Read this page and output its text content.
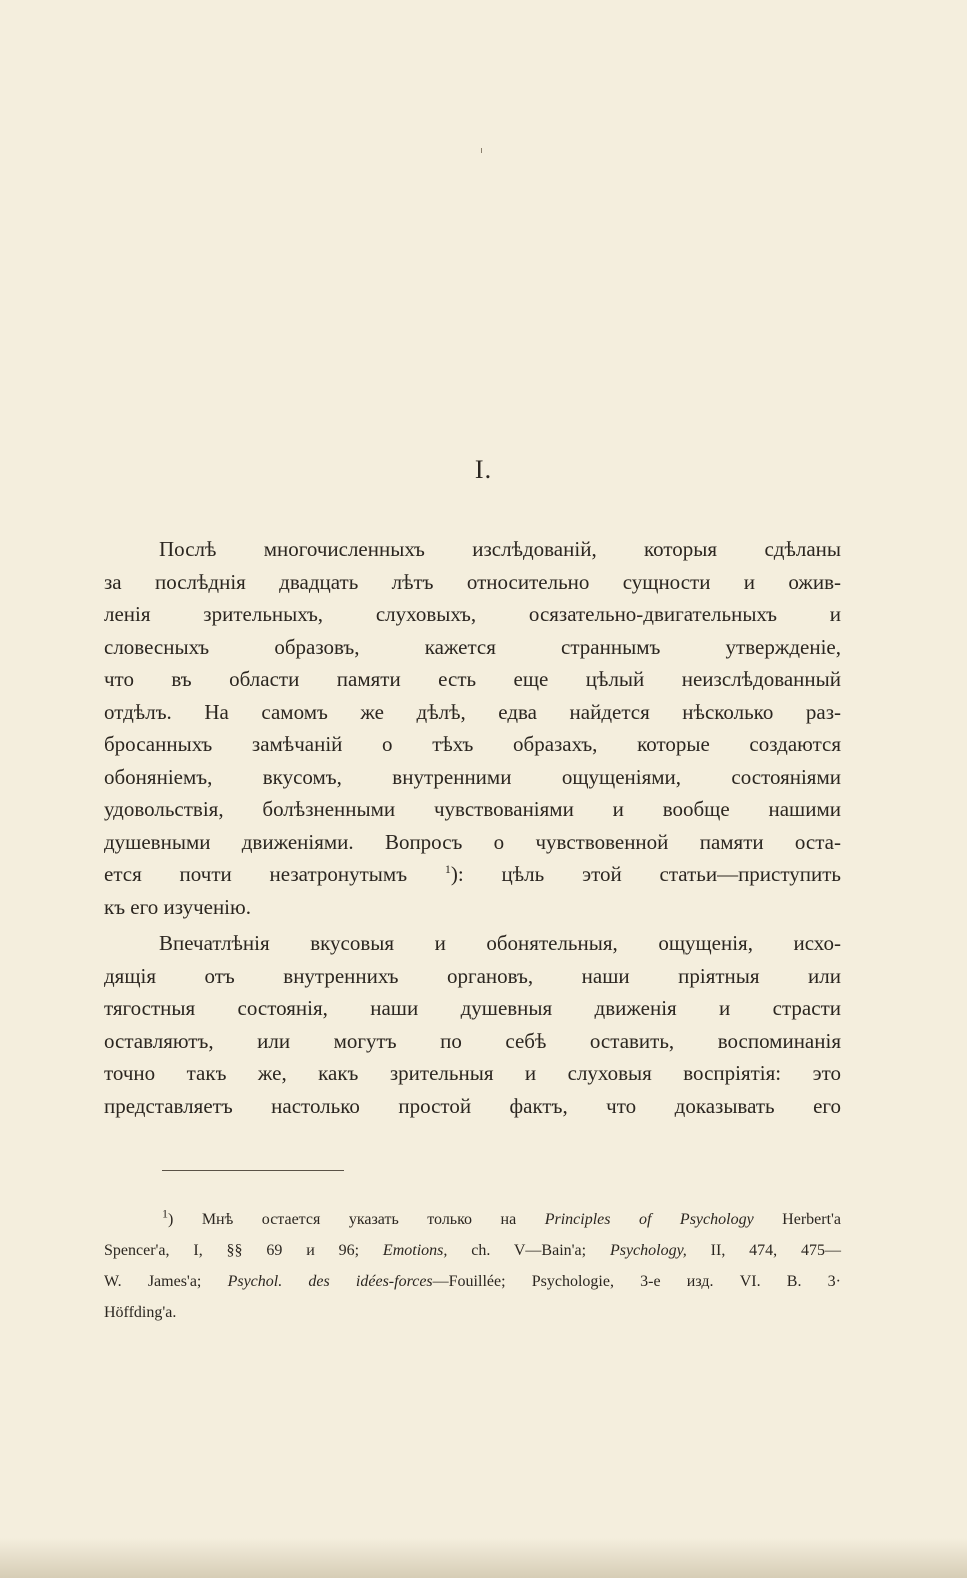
I.
Послѣ многочисленныхъ изслѣдованій, которыя сдѣланы
за послѣднія двадцать лѣтъ относительно сущности и ожив-
ленія зрительныхъ, слуховыхъ, осязательно-двигательныхъ и
словесныхъ образовъ, кажется страннымъ утвержденіе,
что въ области памяти есть еще цѣлый неизслѣдованный
отдѣлъ. На самомъ же дѣлѣ, едва найдется нѣсколько раз-
бросанныхъ замѣчаній о тѣхъ образахъ, которые создаются
обоняніемъ, вкусомъ, внутренними ощущеніями, состояніями
удовольствія, болѣзненными чувствованіями и вообще нашими
душевными движеніями. Вопросъ о чувствовенной памяти оста-
ется почти незатронутымъ $^1$): цѣль этой статьи—приступить
къ его изученію.
Впечатлѣнія вкусовыя и обонятельныя, ощущенія, исхо-
дящія отъ внутреннихъ органовъ, наши пріятныя или
тягостныя состоянія, наши душевныя движенія и страсти
оставляютъ, или могутъ по себѣ оставить, воспоминанія
точно такъ же, какъ зрительныя и слуховыя воспріятія: это
представляетъ настолько простой фактъ, что доказывать его
$^1$) Мнѣ остается указать только на Principles of Psychology Herbert'a
Spencer'a, I, §§ 69 и 96; Emotions, ch. V—Bain'a; Psychology, II, 474, 475—
W. James'a; Psychol. des idées-forces—Fouillée; Psychologie, 3-е изд. VI. B. 3·
Höffding'a.
